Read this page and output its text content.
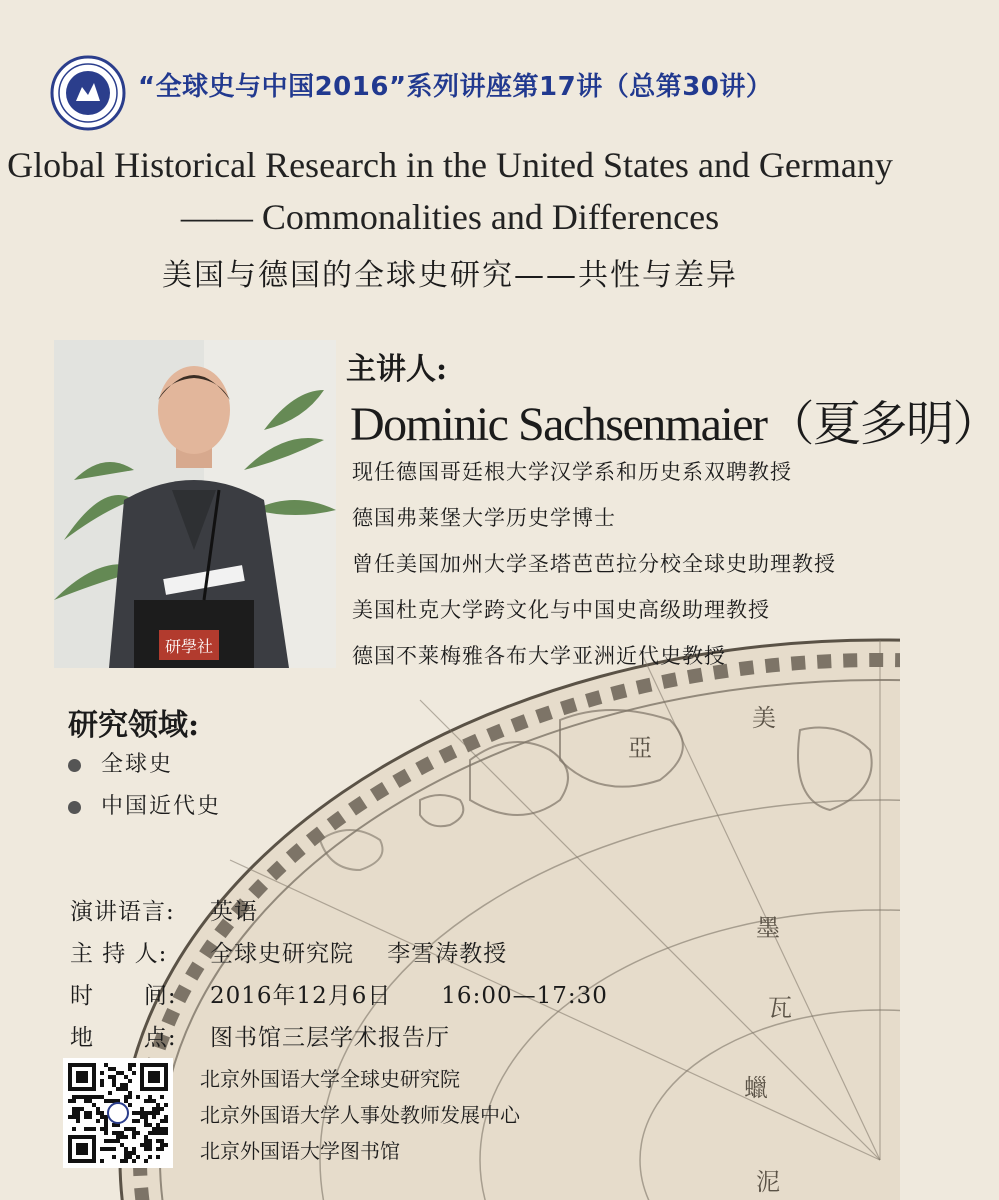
美
亞
墨
瓦
蠟
泥
“全球史与中国2016”系列讲座第17讲（总第30讲）
Global Historical Research in the United States and Germany
—— Commonalities and Differences
美国与德国的全球史研究——共性与差异
研學社
主讲人:
Dominic Sachsenmaier（夏多明）
现任德国哥廷根大学汉学系和历史系双聘教授
德国弗莱堡大学历史学博士
曾任美国加州大学圣塔芭芭拉分校全球史助理教授
美国杜克大学跨文化与中国史高级助理教授
德国不莱梅雅各布大学亚洲近代史教授
研究领域:
全球史
中国近代史
演讲语言: 英语
主 持 人: 全球史研究院    李雪涛教授
时      间: 2016年12月6日      16:00—17:30
地      点: 图书馆三层学术报告厅
北京外国语大学全球史研究院
北京外国语大学人事处教师发展中心
北京外国语大学图书馆
